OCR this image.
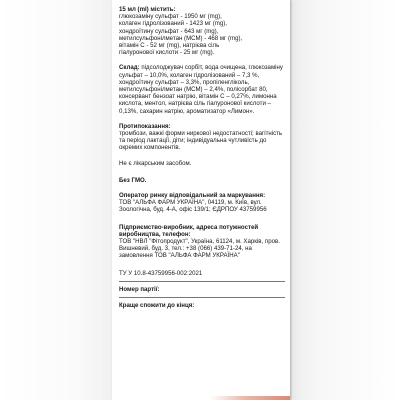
15 мл (ml) містить:
глюкозаміну сульфат - 1950 мг (mg),
колаген гідролізований - 1423 мг (mg),
хондроїтину сульфат - 643 мг (mg),
метилсульфонілметан (МСМ) - 468 мг (mg),
вітамін С - 52 мг (mg), натрієва сіль
гіалуронової кислоти - 25 мг (mg).

Склад: підсолоджувач сорбіт, вода очищена, глюкозаміну сульфат – 10,0%, колаген гідролізований – 7,3 %, хондроїтину сульфат – 3,3%, пропіленгліколь, метилсульфонілметан (МСМ) – 2,4%, полісорбат 80, консервант бензоат натрію, вітамін С – 0,27%, лимонна кислота, ментол, натрієва сіль гіалуронової кислоти – 0,13%, сахарин натрію, ароматизатор «Лимон».

Протипоказання:

тромбози, важкі форми ниркової недостатності; вагітність та період лактації, діти; індивідуальна чутливість до окремих компонентів.

Не є лікарським засобом.
Без ГМО.
Оператор ринку відповідальний за маркування:

ТОВ "АЛЬФА ФАРМ УКРАЇНА", 04119, м. Київ, вул. Зоологічна, буд. 4-А, офіс 139/1; ЄДРПОУ 43759956

Підприємство-виробник, адреса потужностей виробництва, телефон:

ТОВ "НВЛ "Фітопродукт", Україна, 61124, м. Харків, пров. Вишневий, буд. 3, тел.: +38 (066) 439-71-24, на замовлення ТОВ "АЛЬФА ФАРМ УКРАЇНА"

ТУ У 10.8-43759956-002:2021
Номер партії:
Краще спожити до кінця:
